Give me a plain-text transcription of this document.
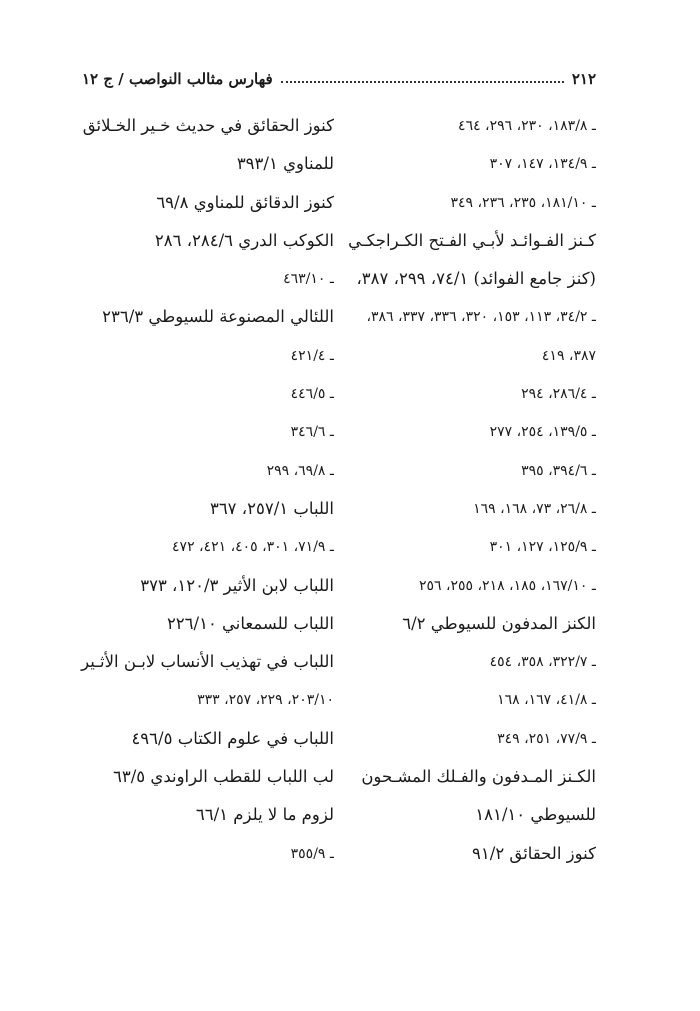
٢١٢
فهارس مثالب النواصب / ج ١٢
ـ ١٨٣/٨، ٢٣٠، ٢٩٦، ٤٦٤
ـ ١٣٤/٩، ١٤٧، ٣٠٧
ـ ١٨١/١٠، ٢٣٥، ٢٣٦، ٣٤٩
كـنز الفـوائـد لأبـي الفـتح الكـراجكـي
(كنز جامع الفوائد) ٧٤/١، ٢٩٩، ٣٨٧،
ـ ٣٤/٢، ١١٣، ١٥٣، ٣٢٠، ٣٣٦، ٣٣٧، ٣٨٦،
٣٨٧، ٤١٩
ـ ٢٨٦/٤، ٢٩٤
ـ ١٣٩/٥، ٢٥٤، ٢٧٧
ـ ٣٩٤/٦، ٣٩٥
ـ ٢٦/٨، ٧٣، ١٦٨، ١٦٩
ـ ١٢٥/٩، ١٢٧، ٣٠١
ـ ١٦٧/١٠، ١٨٥، ٢١٨، ٢٥٥، ٢٥٦
الكنز المدفون للسيوطي ٦/٢
ـ ٣٢٢/٧، ٣٥٨، ٤٥٤
ـ ٤١/٨، ١٦٧، ١٦٨
ـ ٧٧/٩، ٢٥١، ٣٤٩
الكـنز المـدفون والفـلك المشـحون
للسيوطي ١٨١/١٠
كنوز الحقائق ٩١/٢
كنوز الحقائق في حديث خـير الخـلائق
للمناوي ٣٩٣/١
كنوز الدقائق للمناوي ٦٩/٨
الكوكب الدري ٢٨٤/٦، ٢٨٦
ـ ٤٦٣/١٠
اللئالي المصنوعة للسيوطي ٢٣٦/٣
ـ ٤٢١/٤
ـ ٤٤٦/٥
ـ ٣٤٦/٦
ـ ٦٩/٨، ٢٩٩
اللباب ٢٥٧/١، ٣٦٧
ـ ٧١/٩، ٣٠١، ٤٠٥، ٤٢١، ٤٧٢
اللباب لابن الأثير ١٢٠/٣، ٣٧٣
اللباب للسمعاني ٢٢٦/١٠
اللباب في تهذيب الأنساب لابـن الأثـير
٢٠٣/١٠، ٢٢٩، ٢٥٧، ٣٣٣
اللباب في علوم الكتاب ٤٩٦/٥
لب اللباب للقطب الراوندي ٦٣/٥
لزوم ما لا يلزم ٦٦/١
ـ ٣٥٥/٩
